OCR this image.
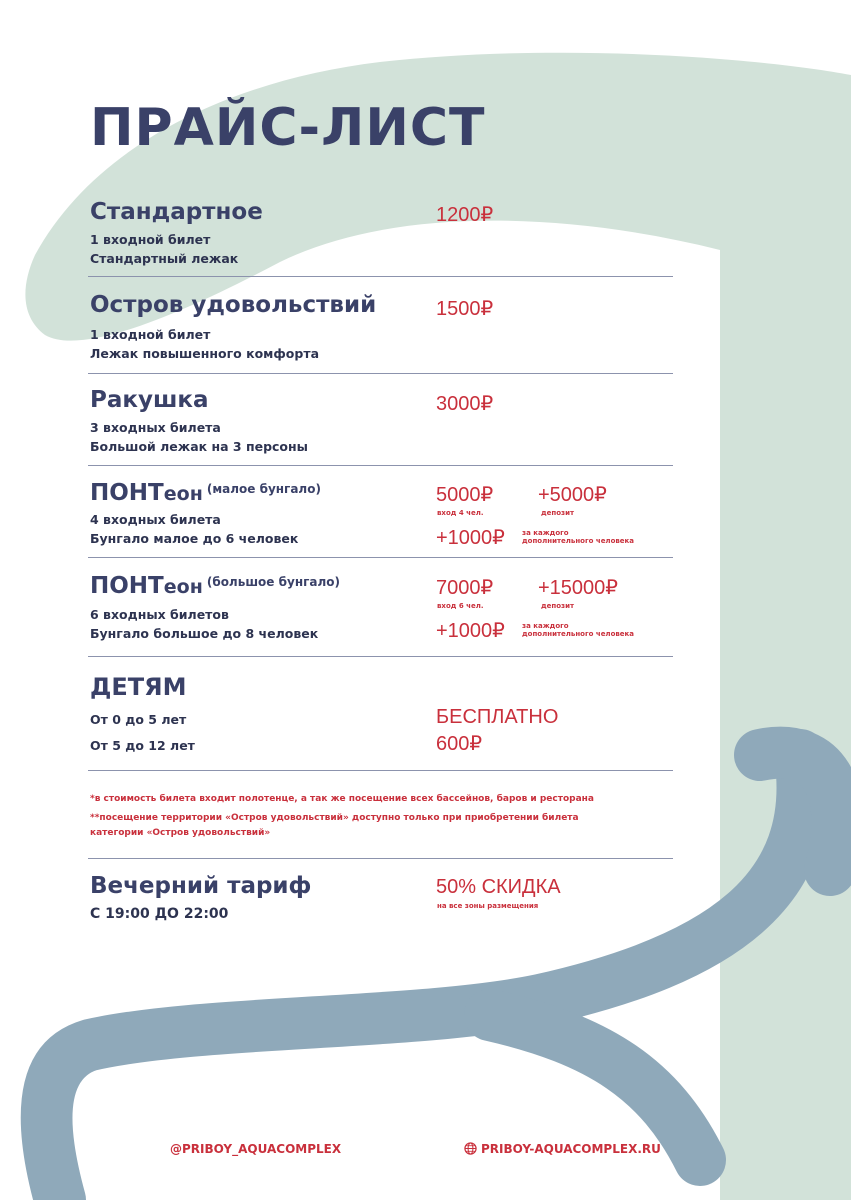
ПРАЙС-ЛИСТ
Стандартное
1 входной билет
Стандартный лежак
1200₽
Остров удовольствий
1 входной билет
Лежак повышенного комфорта
1500₽
Ракушка
3 входных билета
Большой лежак на 3 персоны
3000₽
ПОНТеон $^{(малое бунгало)}$
4 входных билета
Бунгало малое до 6 человек
5000₽
вход 4 чел.
+5000₽
депозит
+1000₽ за каждого
дополнительного человека
ПОНТеон $^{(большое бунгало)}$
6 входных билетов
Бунгало большое до 8 человек
7000₽
вход 6 чел.
+15000₽
депозит
+1000₽ за каждого
дополнительного человека
ДЕТЯМ
От 0 до 5 лет
От 5 до 12 лет
БЕСПЛАТНО
600₽
*в стоимость билета входит полотенце, а так же посещение всех бассейнов, баров и ресторана
**посещение территории «Остров удовольствий» доступно только при приобретении билета
категории «Остров удовольствий»
Вечерний тариф
С 19:00 ДО 22:00
50% СКИДКА
на все зоны размещения
@PRIBOY_AQUACOMPLEX	PRIBOY-AQUACOMPLEX.RU
